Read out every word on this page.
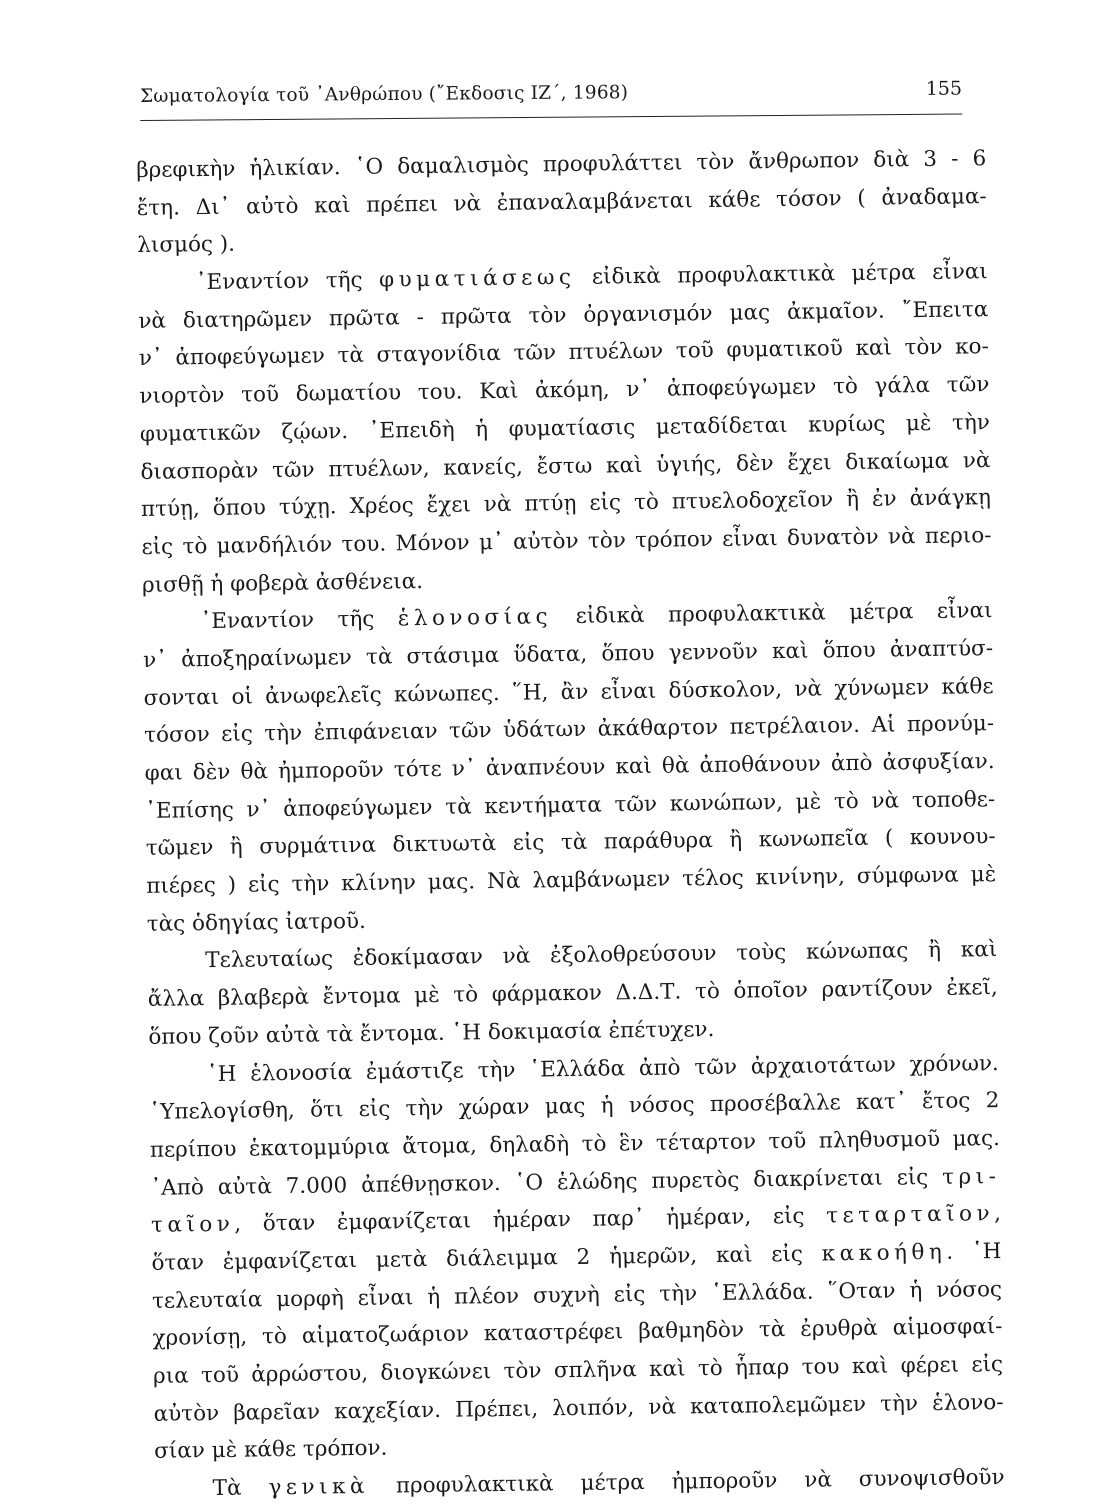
Σωματολογία τοῦ ᾿Ανθρώπου (῎Εκδοσις ΙΖ΄, 1968)	155
βρεφικὴν ἡλικίαν. ῾Ο δαμαλισμὸς προφυλάττει τὸν ἄνθρωπον διὰ 3 - 6
ἔτη. Δι᾿ αὐτὸ καὶ πρέπει νὰ ἐπαναλαμβάνεται κάθε τόσον ( ἀναδαμα-
λισμός ).
᾿Εναντίον τῆς φυματιάσεως εἰδικὰ προφυλακτικὰ μέτρα εἶναι
νὰ διατηρῶμεν πρῶτα - πρῶτα τὸν ὀργανισμόν μας ἀκμαῖον. ῎Επειτα
ν᾿ ἀποφεύγωμεν τὰ σταγονίδια τῶν πτυέλων τοῦ φυματικοῦ καὶ τὸν κο-
νιορτὸν τοῦ δωματίου του. Καὶ ἀκόμη, ν᾿ ἀποφεύγωμεν τὸ γάλα τῶν
φυματικῶν ζῴων. ᾿Επειδὴ ἡ φυματίασις μεταδίδεται κυρίως μὲ τὴν
διασπορὰν τῶν πτυέλων, κανείς, ἔστω καὶ ὑγιής, δὲν ἔχει δικαίωμα νὰ
πτύῃ, ὅπου τύχῃ. Χρέος ἔχει νὰ πτύῃ εἰς τὸ πτυελοδοχεῖον ἢ ἐν ἀνάγκῃ
εἰς τὸ μανδήλιόν του. Μόνον μ᾿ αὐτὸν τὸν τρόπον εἶναι δυνατὸν νὰ περιο-
ρισθῇ ἡ φοβερὰ ἀσθένεια.
᾿Εναντίον τῆς ἑλονοσίας εἰδικὰ προφυλακτικὰ μέτρα εἶναι
ν᾿ ἀποξηραίνωμεν τὰ στάσιμα ὕδατα, ὅπου γεννοῦν καὶ ὅπου ἀναπτύσ-
σονται οἱ ἀνωφελεῖς κώνωπες. ῞Η, ἂν εἶναι δύσκολον, νὰ χύνωμεν κάθε
τόσον εἰς τὴν ἐπιφάνειαν τῶν ὑδάτων ἀκάθαρτον πετρέλαιον. Αἱ προνύμ-
φαι δὲν θὰ ἠμποροῦν τότε ν᾿ ἀναπνέουν καὶ θὰ ἀποθάνουν ἀπὸ ἀσφυξίαν.
᾿Επίσης ν᾿ ἀποφεύγωμεν τὰ κεντήματα τῶν κωνώπων, μὲ τὸ νὰ τοποθε-
τῶμεν ἢ συρμάτινα δικτυωτὰ εἰς τὰ παράθυρα ἢ κωνωπεῖα ( κουνου-
πιέρες ) εἰς τὴν κλίνην μας. Νὰ λαμβάνωμεν τέλος κινίνην, σύμφωνα μὲ
τὰς ὁδηγίας ἰατροῦ.
Τελευταίως ἐδοκίμασαν νὰ ἐξολοθρεύσουν τοὺς κώνωπας ἢ καὶ
ἄλλα βλαβερὰ ἔντομα μὲ τὸ φάρμακον Δ.Δ.Τ. τὸ ὁποῖον ραντίζουν ἐκεῖ,
ὅπου ζοῦν αὐτὰ τὰ ἔντομα. ῾Η δοκιμασία ἐπέτυχεν.
῾Η ἑλονοσία ἐμάστιζε τὴν ῾Ελλάδα ἀπὸ τῶν ἀρχαιοτάτων χρόνων.
῾Υπελογίσθη, ὅτι εἰς τὴν χώραν μας ἡ νόσος προσέβαλλε κατ᾿ ἔτος 2
περίπου ἑκατομμύρια ἄτομα, δηλαδὴ τὸ ἓν τέταρτον τοῦ πληθυσμοῦ μας.
᾿Απὸ αὐτὰ 7.000 ἀπέθνῃσκον. ῾Ο ἑλώδης πυρετὸς διακρίνεται εἰς τρι-
ταῖον, ὅταν ἐμφανίζεται ἡμέραν παρ᾿ ἡμέραν, εἰς τεταρταῖον,
ὅταν ἐμφανίζεται μετὰ διάλειμμα 2 ἡμερῶν, καὶ εἰς κακοήθη. ῾Η
τελευταία μορφὴ εἶναι ἡ πλέον συχνὴ εἰς τὴν ῾Ελλάδα. ῞Οταν ἡ νόσος
χρονίσῃ, τὸ αἱματοζωάριον καταστρέφει βαθμηδὸν τὰ ἐρυθρὰ αἱμοσφαί-
ρια τοῦ ἀρρώστου, διογκώνει τὸν σπλῆνα καὶ τὸ ἧπαρ του καὶ φέρει εἰς
αὐτὸν βαρεῖαν καχεξίαν. Πρέπει, λοιπόν, νὰ καταπολεμῶμεν τὴν ἑλονο-
σίαν μὲ κάθε τρόπον.
Τὰ γενικὰ προφυλακτικὰ μέτρα ἠμποροῦν νὰ συνοψισθοῦν
